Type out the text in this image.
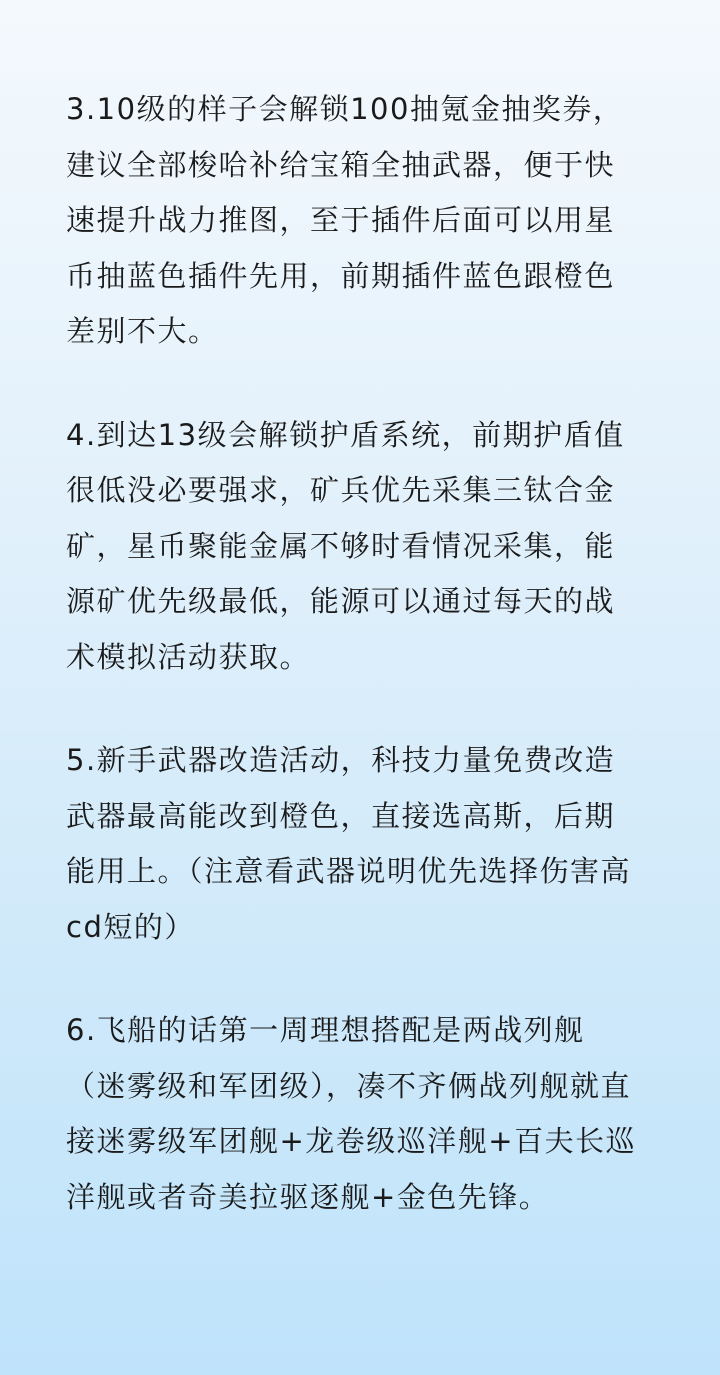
3.10级的样子会解锁100抽氪金抽奖券，
建议全部梭哈补给宝箱全抽武器，便于快
速提升战力推图，至于插件后面可以用星
币抽蓝色插件先用，前期插件蓝色跟橙色
差别不大。

4.到达13级会解锁护盾系统，前期护盾值
很低没必要强求，矿兵优先采集三钛合金
矿，星币聚能金属不够时看情况采集，能
源矿优先级最低，能源可以通过每天的战
术模拟活动获取。

5.新手武器改造活动，科技力量免费改造
武器最高能改到橙色，直接选高斯，后期
能用上。（注意看武器说明优先选择伤害高
cd短的）

6.飞船的话第一周理想搭配是两战列舰
（迷雾级和军团级），凑不齐俩战列舰就直
接迷雾级军团舰+龙卷级巡洋舰+百夫长巡
洋舰或者奇美拉驱逐舰+金色先锋。
